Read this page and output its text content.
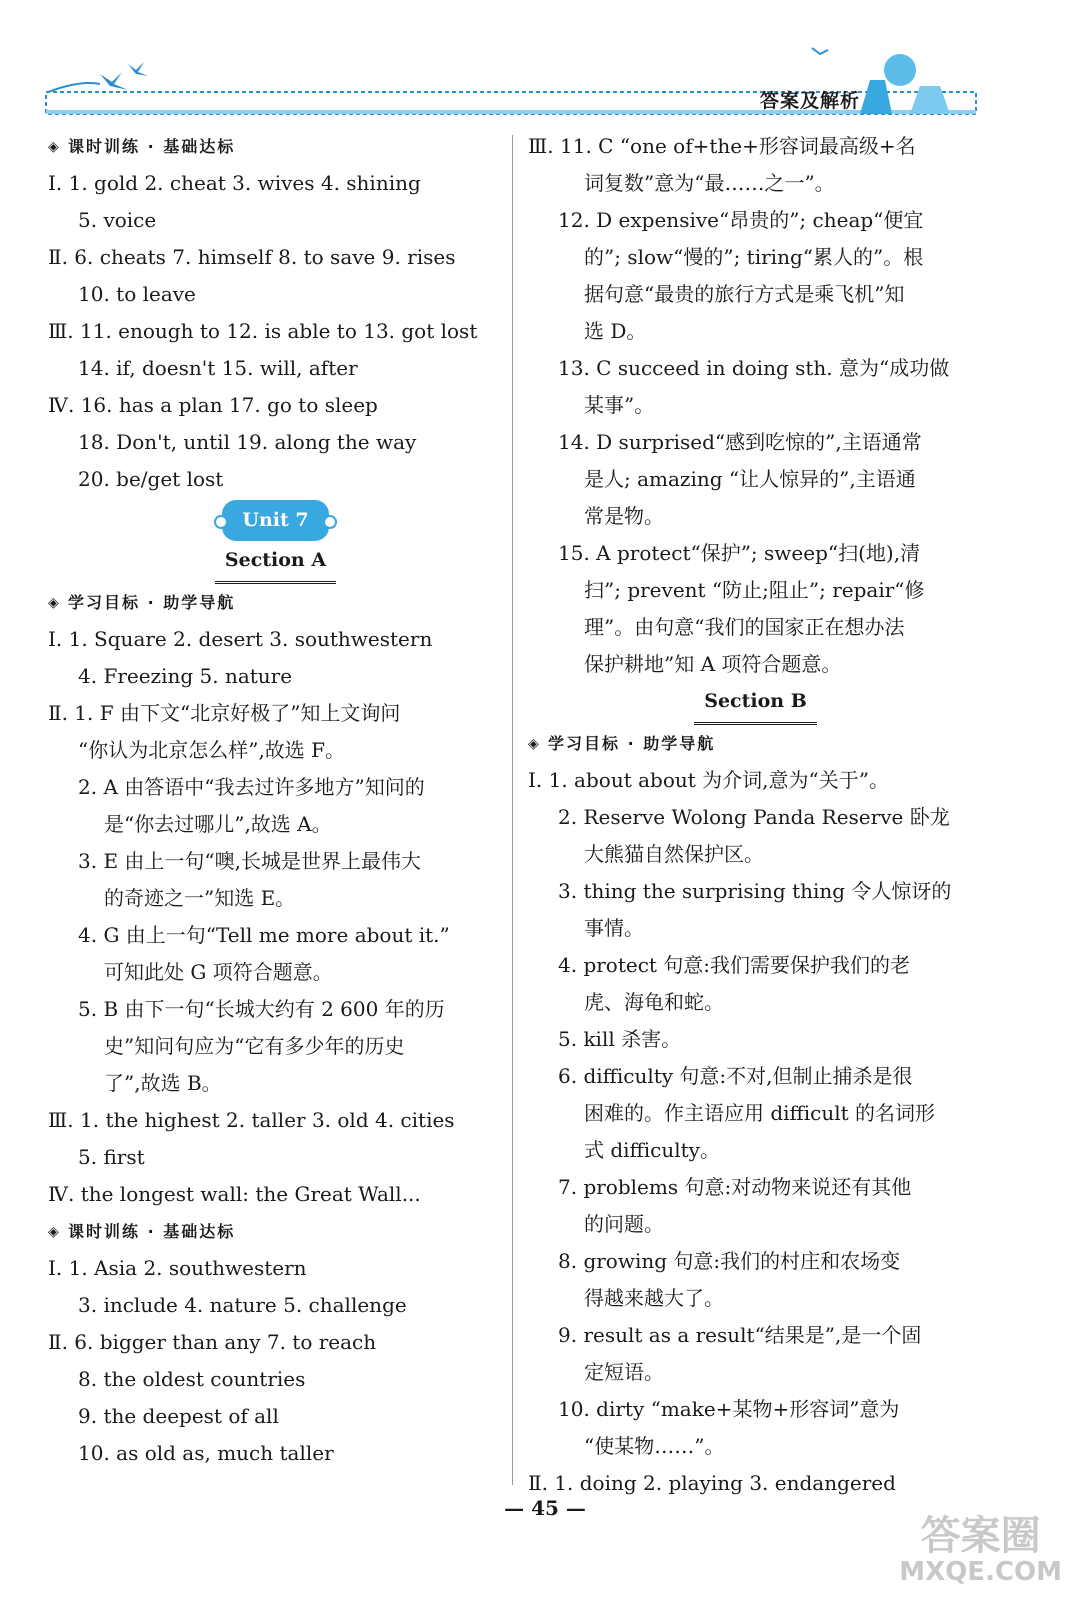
答案及解析
◈ 课时训练 · 基础达标
Ⅰ. 1. gold 2. cheat 3. wives 4. shining
5. voice
Ⅱ. 6. cheats 7. himself 8. to save 9. rises
10. to leave
Ⅲ. 11. enough to 12. is able to 13. got lost
14. if, doesn't 15. will, after
Ⅳ. 16. has a plan 17. go to sleep
18. Don't, until 19. along the way
20. be/get lost
Unit 7
Section A
◈ 学习目标 · 助学导航
Ⅰ. 1. Square 2. desert 3. southwestern
4. Freezing 5. nature
Ⅱ. 1. F 由下文“北京好极了”知上文询问
“你认为北京怎么样”,故选 F。
2. A 由答语中“我去过许多地方”知问的
是“你去过哪儿”,故选 A。
3. E 由上一句“噢,长城是世界上最伟大
的奇迹之一”知选 E。
4. G 由上一句“Tell me more about it.”
可知此处 G 项符合题意。
5. B 由下一句“长城大约有 2 600 年的历
史”知问句应为“它有多少年的历史
了”,故选 B。
Ⅲ. 1. the highest 2. taller 3. old 4. cities
5. first
Ⅳ. the longest wall: the Great Wall...
◈ 课时训练 · 基础达标
Ⅰ. 1. Asia 2. southwestern
3. include 4. nature 5. challenge
Ⅱ. 6. bigger than any 7. to reach
8. the oldest countries
9. the deepest of all
10. as old as, much taller
Ⅲ. 11. C “one of+the+形容词最高级+名
词复数”意为“最……之一”。
12. D expensive“昂贵的”; cheap“便宜
的”; slow“慢的”; tiring“累人的”。根
据句意“最贵的旅行方式是乘飞机”知
选 D。
13. C succeed in doing sth. 意为“成功做
某事”。
14. D surprised“感到吃惊的”,主语通常
是人; amazing “让人惊异的”,主语通
常是物。
15. A protect“保护”; sweep“扫(地),清
扫”; prevent “防止;阻止”; repair“修
理”。由句意“我们的国家正在想办法
保护耕地”知 A 项符合题意。
Section B
◈ 学习目标 · 助学导航
Ⅰ. 1. about about 为介词,意为“关于”。
2. Reserve Wolong Panda Reserve 卧龙
大熊猫自然保护区。
3. thing the surprising thing 令人惊讶的
事情。
4. protect 句意:我们需要保护我们的老
虎、海龟和蛇。
5. kill 杀害。
6. difficulty 句意:不对,但制止捕杀是很
困难的。作主语应用 difficult 的名词形
式 difficulty。
7. problems 句意:对动物来说还有其他
的问题。
8. growing 句意:我们的村庄和农场变
得越来越大了。
9. result as a result“结果是”,是一个固
定短语。
10. dirty “make+某物+形容词”意为
“使某物……”。
Ⅱ. 1. doing 2. playing 3. endangered
— 45 —
答案圈
MXQE.COM
